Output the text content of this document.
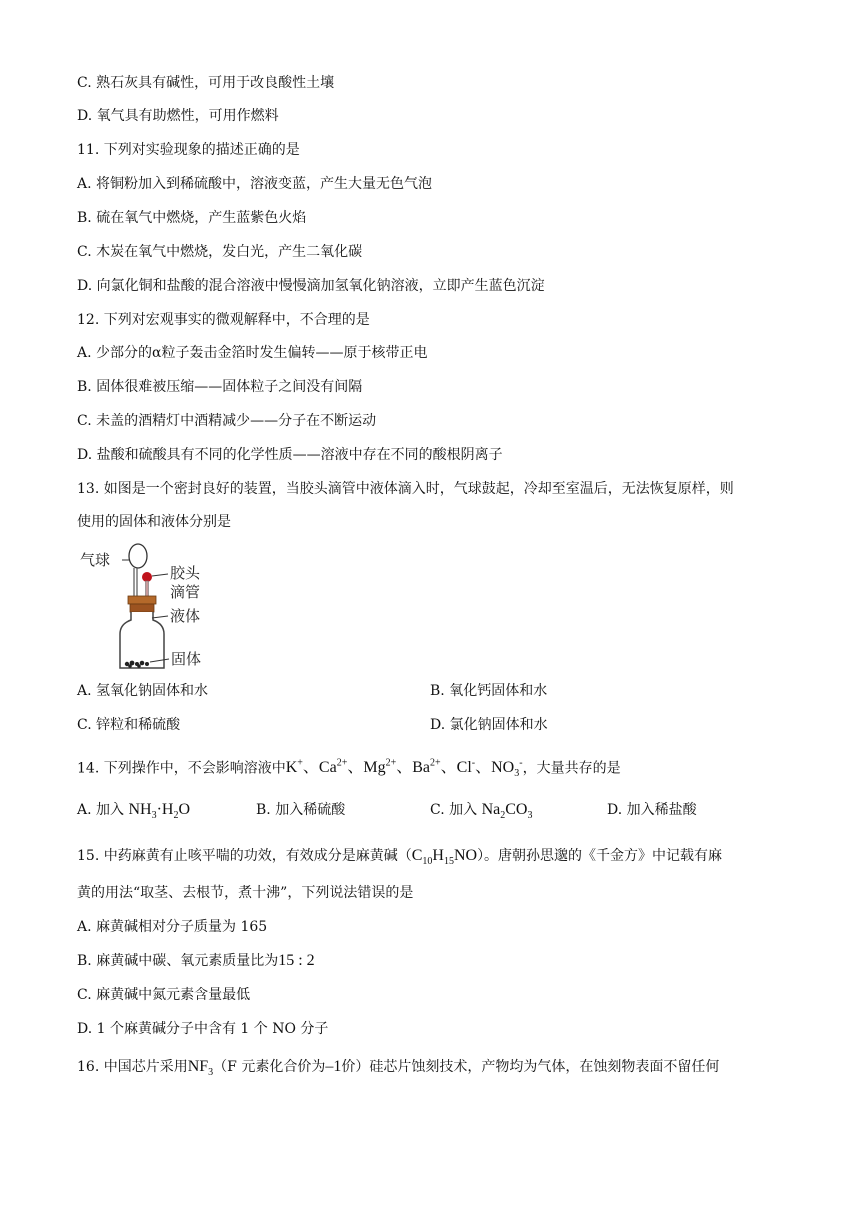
C. 熟石灰具有碱性，可用于改良酸性土壤
D. 氧气具有助燃性，可用作燃料
11. 下列对实验现象的描述正确的是
A. 将铜粉加入到稀硫酸中，溶液变蓝，产生大量无色气泡
B. 硫在氧气中燃烧，产生蓝紫色火焰
C. 木炭在氧气中燃烧，发白光，产生二氧化碳
D. 向氯化铜和盐酸的混合溶液中慢慢滴加氢氧化钠溶液，立即产生蓝色沉淀
12. 下列对宏观事实的微观解释中，不合理的是
A. 少部分的α粒子轰击金箔时发生偏转——原于核带正电
B. 固体很难被压缩——固体粒子之间没有间隔
C. 未盖的酒精灯中酒精减少——分子在不断运动
D. 盐酸和硫酸具有不同的化学性质——溶液中存在不同的酸根阴离子
13. 如图是一个密封良好的装置，当胶头滴管中液体滴入时，气球鼓起，冷却至室温后，无法恢复原样，则
使用的固体和液体分别是
气球
胶头
滴管
液体
固体
A. 氢氧化钠固体和水	B. 氧化钙固体和水
C. 锌粒和稀硫酸	D. 氯化钠固体和水
14. 下列操作中，不会影响溶液中K+、$Ca^{2+}$、$Mg^{2+}$、$Ba^{2+}$、Cl-、$NO_3^-$，大量共存的是
A. 加入 $NH_3\cdot H_2O$	B. 加入稀硫酸	C. 加入 $Na_2CO_3$	D. 加入稀盐酸
15. 中药麻黄有止咳平喘的功效，有效成分是麻黄碱$(C_{10}H_{15}NO)$。唐朝孙思邈的《千金方》中记载有麻
黄的用法“取茎、去根节，煮十沸”，下列说法错误的是
A. 麻黄碱相对分子质量为 165
B. 麻黄碱中碳、氧元素质量比为15 : 2
C. 麻黄碱中氮元素含量最低
D. 1 个麻黄碱分子中含有 1 个 NO 分子
16. 中国芯片采用$NF_3(F$ 元素化合价为–1价）硅芯片蚀刻技术，产物均为气体，在蚀刻物表面不留任何
